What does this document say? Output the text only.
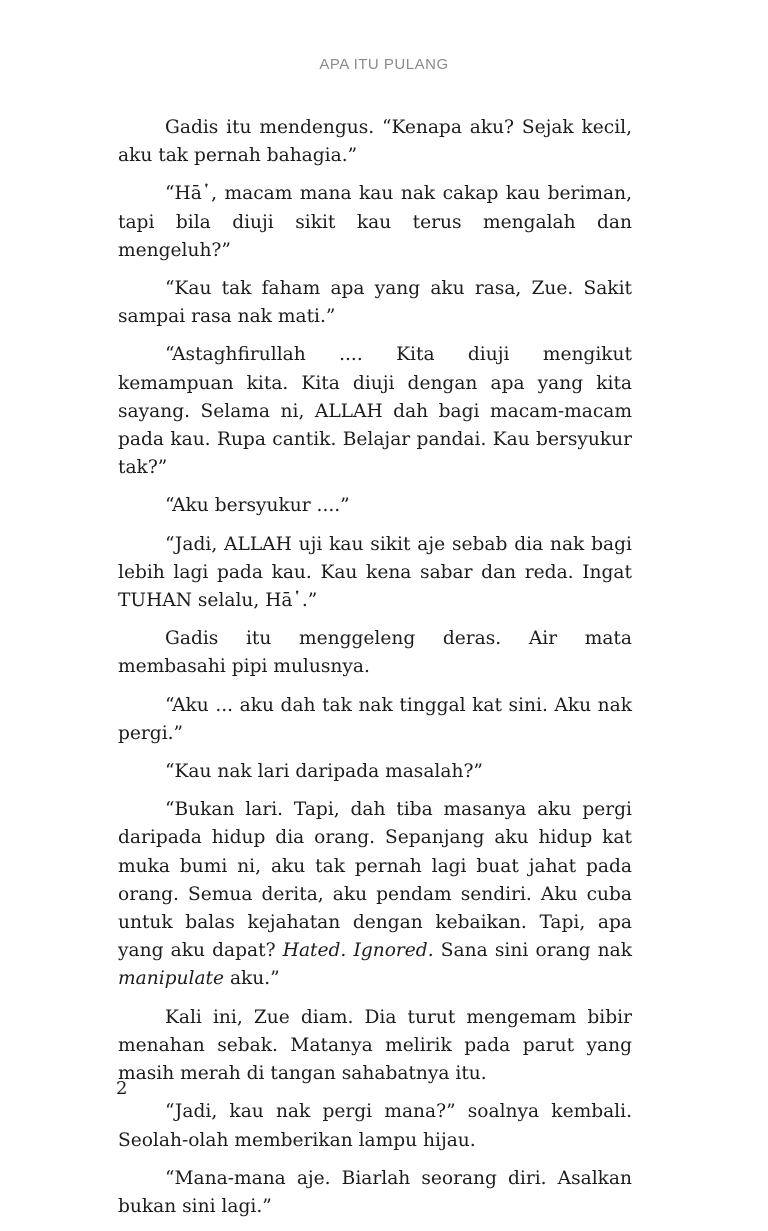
APA ITU PULANG

Gadis itu mendengus. “Kenapa aku? Sejak kecil, aku tak pernah bahagia.”

“Hā῾, macam mana kau nak cakap kau beriman, tapi bila diuji sikit kau terus mengalah dan mengeluh?”

“Kau tak faham apa yang aku rasa, Zue. Sakit sampai rasa nak mati.”

“Astaghfirullah .... Kita diuji mengikut kemampuan kita. Kita diuji dengan apa yang kita sayang. Selama ni, ALLAH dah bagi macam-macam pada kau. Rupa cantik. Belajar pandai. Kau bersyukur tak?”

“Aku bersyukur ....”

“Jadi, ALLAH uji kau sikit aje sebab dia nak bagi lebih lagi pada kau. Kau kena sabar dan reda. Ingat TUHAN selalu, Hā῾.”

Gadis itu menggeleng deras. Air mata membasahi pipi mulusnya.

“Aku ... aku dah tak nak tinggal kat sini. Aku nak pergi.”

“Kau nak lari daripada masalah?”

“Bukan lari. Tapi, dah tiba masanya aku pergi daripada hidup dia orang. Sepanjang aku hidup kat muka bumi ni, aku tak pernah lagi buat jahat pada orang. Semua derita, aku pendam sendiri. Aku cuba untuk balas kejahatan dengan kebaikan. Tapi, apa yang aku dapat? Hated. Ignored. Sana sini orang nak manipulate aku.”

Kali ini, Zue diam. Dia turut mengemam bibir menahan sebak. Matanya melirik pada parut yang masih merah di tangan sahabatnya itu.

“Jadi, kau nak pergi mana?” soalnya kembali. Seolah-olah memberikan lampu hijau.

“Mana-mana aje. Biarlah seorang diri. Asalkan bukan sini lagi.”

2
